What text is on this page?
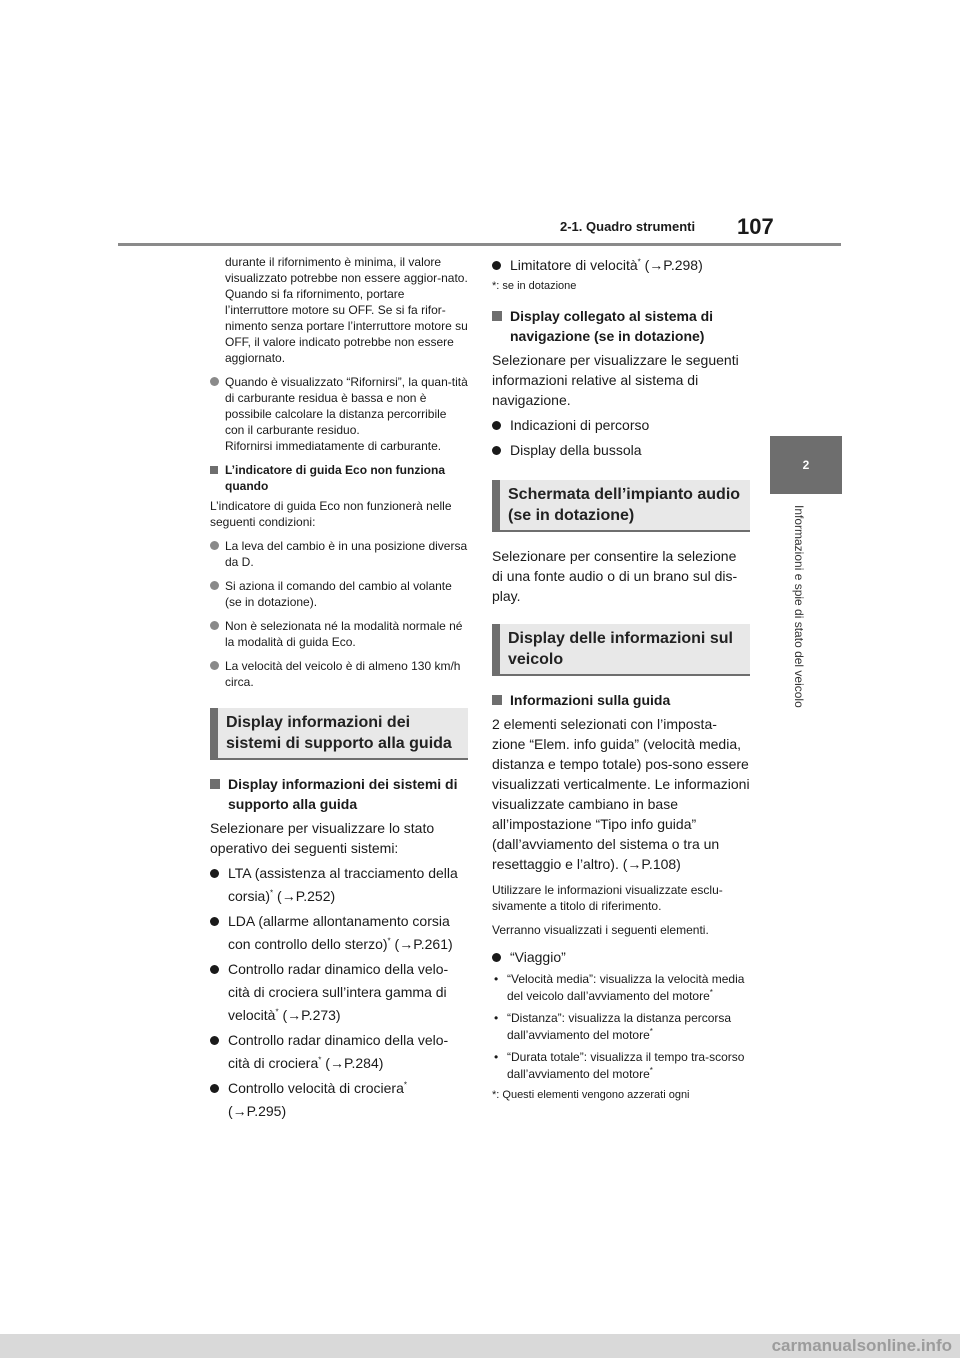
2-1. Quadro strumenti 107
2
Informazioni e spie di stato del veicolo

durante il rifornimento è minima, il valore visualizzato potrebbe non essere aggior-nato. Quando si fa rifornimento, portare l’interruttore motore su OFF. Se si fa rifor-nimento senza portare l’interruttore motore su OFF, il valore indicato potrebbe non essere aggiornato.

Quando è visualizzato “Rifornirsi”, la quan-tità di carburante residua è bassa e non è possibile calcolare la distanza percorribile con il carburante residuo.
Rifornirsi immediatamente di carburante.
L’indicatore di guida Eco non funziona quando

L’indicatore di guida Eco non funzionerà nelle seguenti condizioni:

La leva del cambio è in una posizione diversa da D.
Si aziona il comando del cambio al volante (se in dotazione).
Non è selezionata né la modalità normale né la modalità di guida Eco.
La velocità del veicolo è di almeno 130 km/h circa.
Display informazioni dei sistemi di supporto alla guida
Display informazioni dei sistemi di supporto alla guida

Selezionare per visualizzare lo stato operativo dei seguenti sistemi:

LTA (assistenza al tracciamento della corsia)* (→P.252)
LDA (allarme allontanamento corsia con controllo dello sterzo)* (→P.261)
Controllo radar dinamico della velo-cità di crociera sull’intera gamma di velocità* (→P.273)
Controllo radar dinamico della velo-cità di crociera* (→P.284)
Controllo velocità di crociera* (→P.295)
Limitatore di velocità* (→P.298)

*: se in dotazione

Display collegato al sistema di navigazione (se in dotazione)

Selezionare per visualizzare le seguenti informazioni relative al sistema di navigazione.

Indicazioni di percorso
Display della bussola
Schermata dell’impianto audio (se in dotazione)

Selezionare per consentire la selezione di una fonte audio o di un brano sul dis-play.

Display delle informazioni sul veicolo
Informazioni sulla guida

2 elementi selezionati con l’imposta-zione “Elem. info guida” (velocità media, distanza e tempo totale) pos-sono essere visualizzati verticalmente. Le informazioni visualizzate cambiano in base all’impostazione “Tipo info guida” (dall’avviamento del sistema o tra un resettaggio e l’altro). (→P.108)

Utilizzare le informazioni visualizzate esclu-sivamente a titolo di riferimento.

Verranno visualizzati i seguenti elementi.

“Viaggio”
• “Velocità media”: visualizza la velocità media del veicolo dall’avviamento del motore*
• “Distanza”: visualizza la distanza percorsa dall’avviamento del motore*
• “Durata totale”: visualizza il tempo tra-scorso dall’avviamento del motore*

*: Questi elementi vengono azzerati ogni

carmanualsonline.info
